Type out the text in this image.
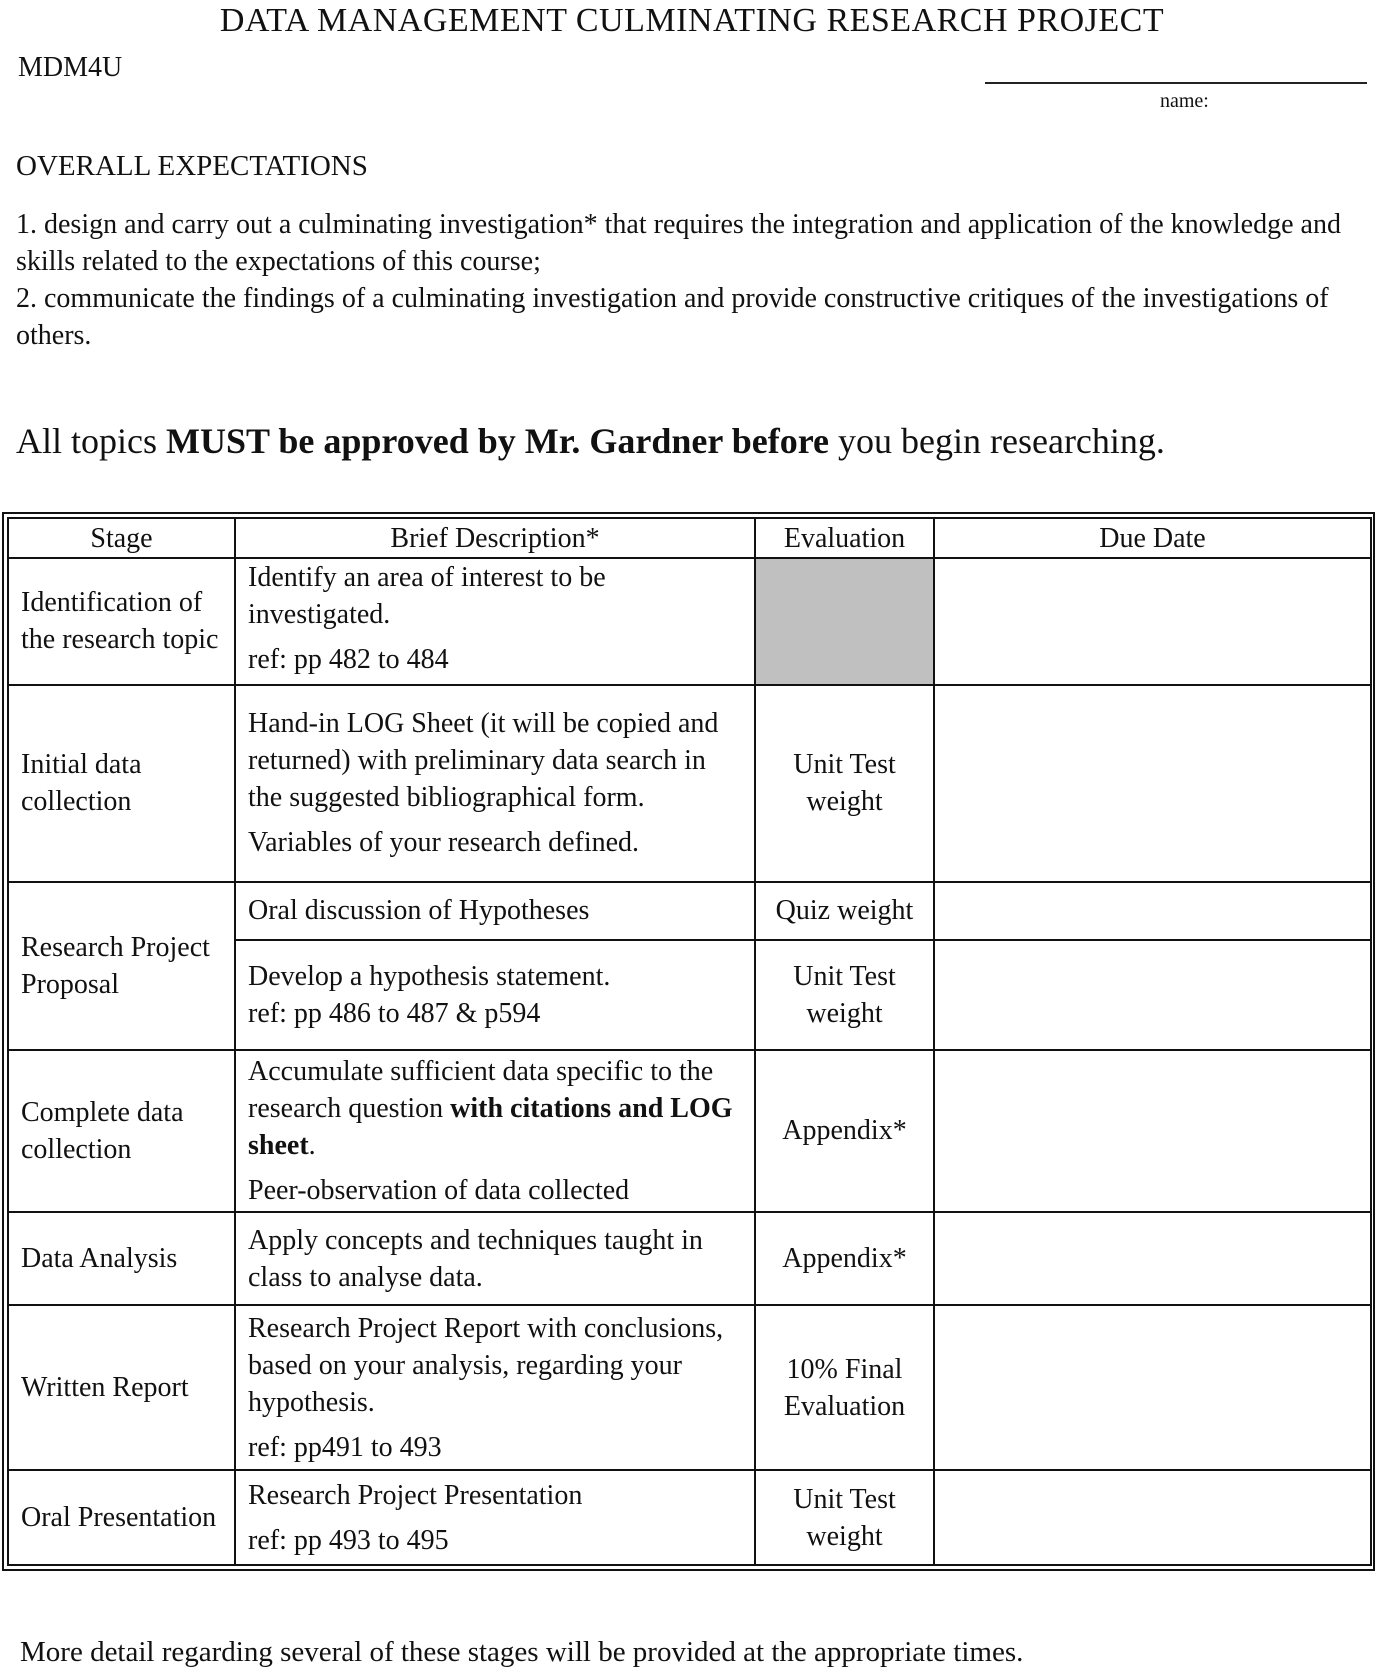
DATA MANAGEMENT CULMINATING RESEARCH PROJECT
MDM4U
name:
OVERALL EXPECTATIONS
1. design and carry out a culminating investigation* that requires the integration and application of the knowledge and skills related to the expectations of this course;
2. communicate the findings of a culminating investigation and provide constructive critiques of the investigations of others.
All topics MUST be approved by Mr. Gardner before you begin researching.
Stage	Brief Description*	Evaluation	Due Date
Identification of the research topic	Identify an area of interest to be investigated.
ref: pp 482 to 484		

Initial data collection	Hand-in LOG Sheet (it will be copied and returned) with preliminary data search in the suggested bibliographical form.
Variables of your research defined.	Unit Test weight	
Research Project Proposal	Oral discussion of Hypotheses	Quiz weight	
	Develop a hypothesis statement.
ref: pp 486 to 487 & p594	Unit Test weight	
Complete data collection	Accumulate sufficient data specific to the research question with citations and LOG sheet.
Peer-observation of data collected	Appendix*	
Data Analysis	Apply concepts and techniques taught in class to analyse data.	Appendix*	
Written Report	Research Project Report with conclusions, based on your analysis, regarding your hypothesis.
ref: pp491 to 493	10% Final Evaluation	
Oral Presentation	Research Project Presentation
ref: pp 493 to 495	Unit Test weight	
More detail regarding several of these stages will be provided at the appropriate times.
